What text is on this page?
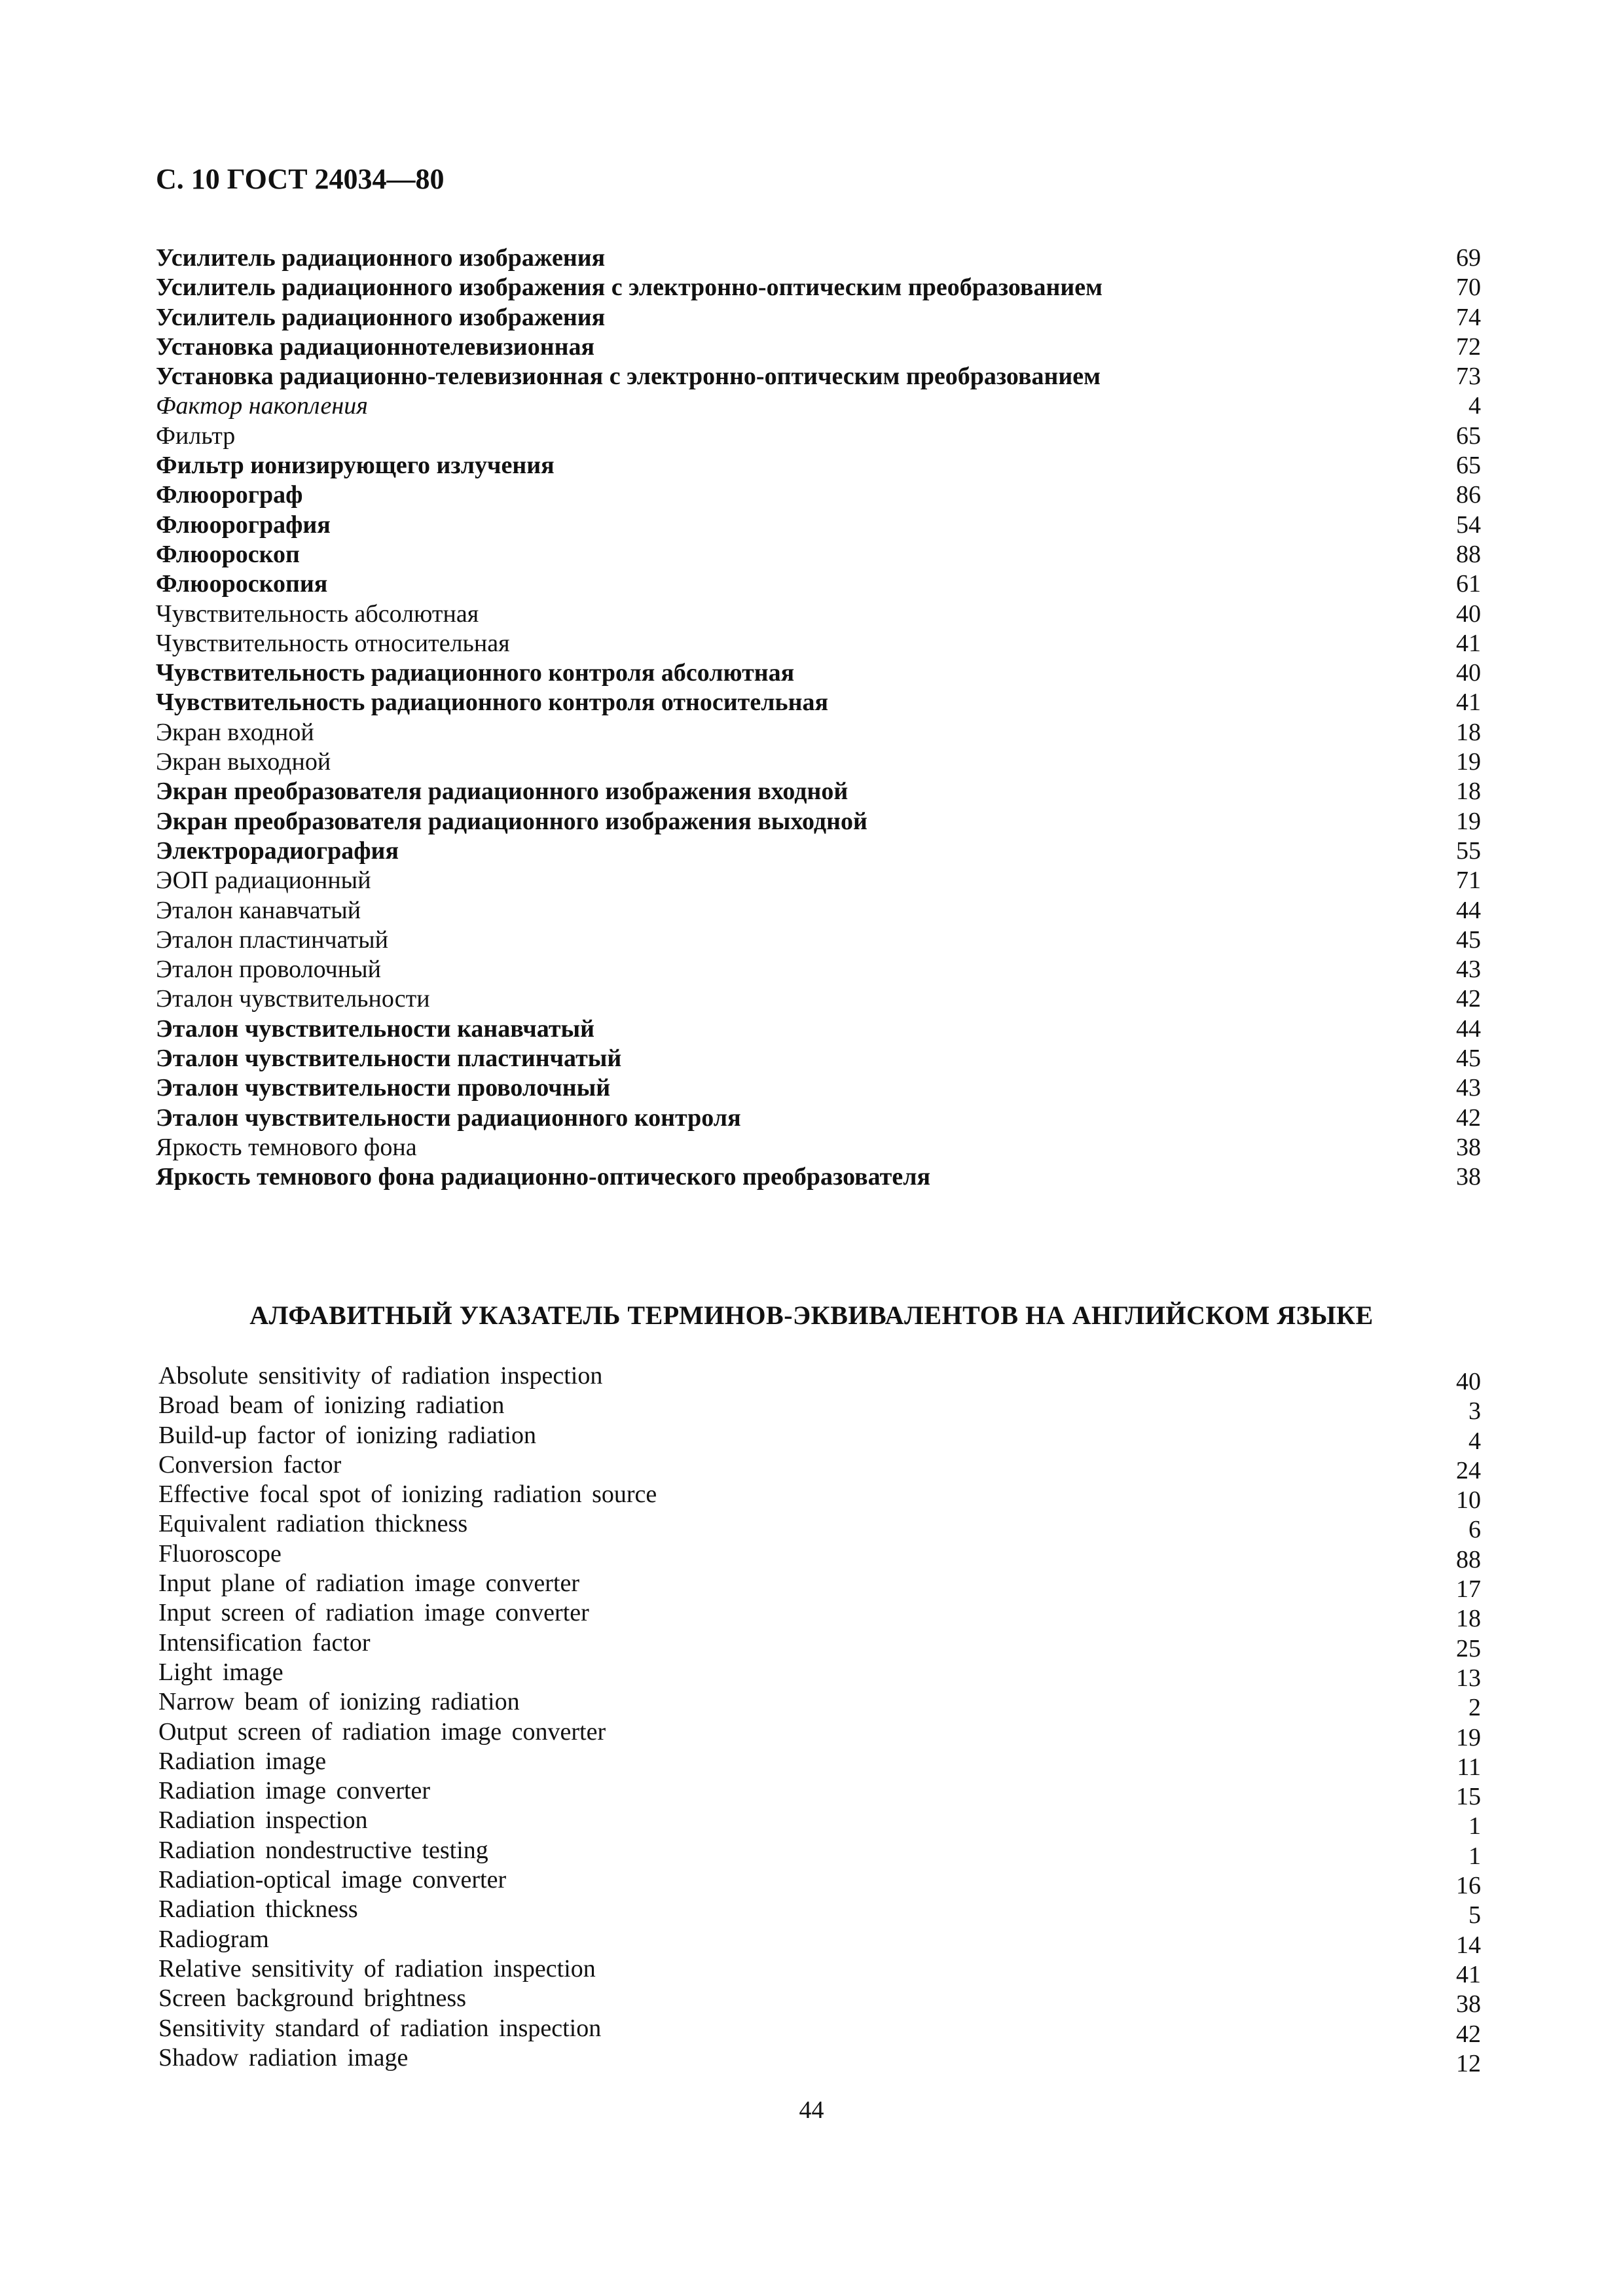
С. 10 ГОСТ 24034—80
Усилитель радиационного изображения	69
Усилитель радиационного изображения с электронно-оптическим преобразованием	70
Усилитель радиационного изображения	74
Установка радиационнотелевизионная	72
Установка радиационно-телевизионная с электронно-оптическим преобразованием	73
Фактор накопления	4
Фильтр	65
Фильтр ионизирующего излучения	65
Флюорограф	86
Флюорография	54
Флюороскоп	88
Флюороскопия	61
Чувствительность абсолютная	40
Чувствительность относительная	41
Чувствительность радиационного контроля абсолютная	40
Чувствительность радиационного контроля относительная	41
Экран входной	18
Экран выходной	19
Экран преобразователя радиационного изображения входной	18
Экран преобразователя радиационного изображения выходной	19
Электрорадиография	55
ЭОП радиационный	71
Эталон канавчатый	44
Эталон пластинчатый	45
Эталон проволочный	43
Эталон чувствительности	42
Эталон чувствительности канавчатый	44
Эталон чувствительности пластинчатый	45
Эталон чувствительности проволочный	43
Эталон чувствительности радиационного контроля	42
Яркость темнового фона	38
Яркость темнового фона радиационно-оптического преобразователя	38
АЛФАВИТНЫЙ УКАЗАТЕЛЬ ТЕРМИНОВ-ЭКВИВАЛЕНТОВ НА АНГЛИЙСКОМ ЯЗЫКЕ
Absolute sensitivity of radiation inspection	40
Broad beam of ionizing radiation	3
Build-up factor of ionizing radiation	4
Conversion factor	24
Effective focal spot of ionizing radiation source	10
Equivalent radiation thickness	6
Fluoroscope	88
Input plane of radiation image converter	17
Input screen of radiation image converter	18
Intensification factor	25
Light image	13
Narrow beam of ionizing radiation	2
Output screen of radiation image converter	19
Radiation image	11
Radiation image converter	15
Radiation inspection	1
Radiation nondestructive testing	1
Radiation-optical image converter	16
Radiation thickness	5
Radiogram	14
Relative sensitivity of radiation inspection	41
Screen background brightness	38
Sensitivity standard of radiation inspection	42
Shadow radiation image	12
44
